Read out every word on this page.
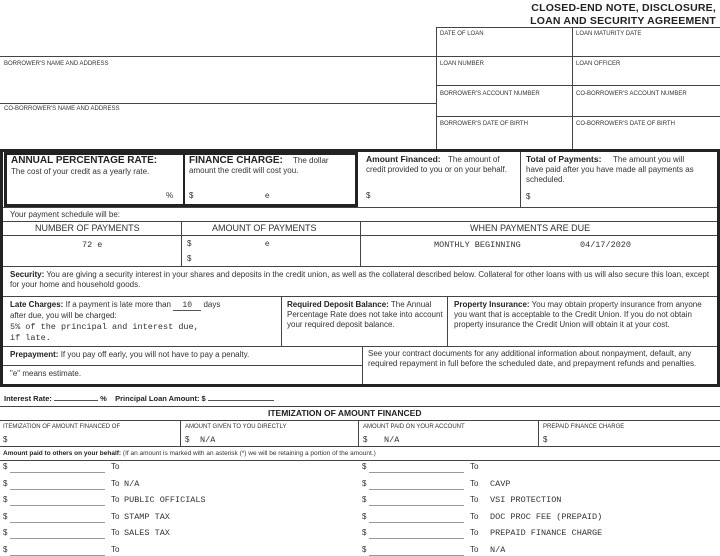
CLOSED-END NOTE, DISCLOSURE,
LOAN AND SECURITY AGREEMENT
DATE OF LOAN	LOAN MATURITY DATE
BORROWER'S NAME AND ADDRESS	LOAN NUMBER	LOAN OFFICER
CO-BORROWER'S NAME AND ADDRESS
BORROWER'S ACCOUNT NUMBER	CO-BORROWER'S ACCOUNT NUMBER
BORROWER'S DATE OF BIRTH	CO-BORROWER'S DATE OF BIRTH
ANNUAL PERCENTAGE RATE:
The cost of your credit as a yearly rate.
%
FINANCE CHARGE:	The dollar amount the credit will cost you.
$	e
Amount Financed: The amount of credit provided to you or on your behalf.
$
Total of Payments:	The amount you will have paid after you have made all payments as scheduled.
$
Your payment schedule will be:
NUMBER OF PAYMENTS	AMOUNT OF PAYMENTS	WHEN PAYMENTS ARE DUE
72 e	$	e
$
MONTHLY BEGINNING	04/17/2020
Security: You are giving a security interest in your shares and deposits in the credit union, as well as the collateral described below. Collateral for other loans with us will also secure this loan, except for your home and household goods.
Late Charges: If a payment is late more than 10 days
after due, you will be charged:
5% of the principal and interest due,
if late.
Required Deposit Balance: The Annual Percentage Rate does not take into account your required deposit balance.
Property Insurance: You may obtain property insurance from anyone you want that is acceptable to the Credit Union. If you do not obtain property insurance the Credit Union will obtain it at your cost.
Prepayment: If you pay off early, you will not have to pay a penalty.
"e" means estimate.
See your contract documents for any additional information about nonpayment, default, any required repayment in full before the scheduled date, and prepayment refunds and penalties.
Interest Rate:	% Principal Loan Amount: $
ITEMIZATION OF AMOUNT FINANCED
ITEMIZATION OF AMOUNT FINANCED OF	AMOUNT GIVEN TO YOU DIRECTLY	AMOUNT PAID ON YOUR ACCOUNT	PREPAID FINANCE CHARGE
$	$ N/A	$ N/A	$
Amount paid to others on your behalf: (If an amount is marked with an asterisk (*) we will be retaining a portion of the amount.)
$	To	$	To
$	To N/A	$	To CAVP
$	To PUBLIC OFFICIALS	$	To VSI PROTECTION
$	To STAMP TAX	$	To DOC PROC FEE (PREPAID)
$	To SALES TAX	$	To PREPAID FINANCE CHARGE
$	To	$	To N/A
